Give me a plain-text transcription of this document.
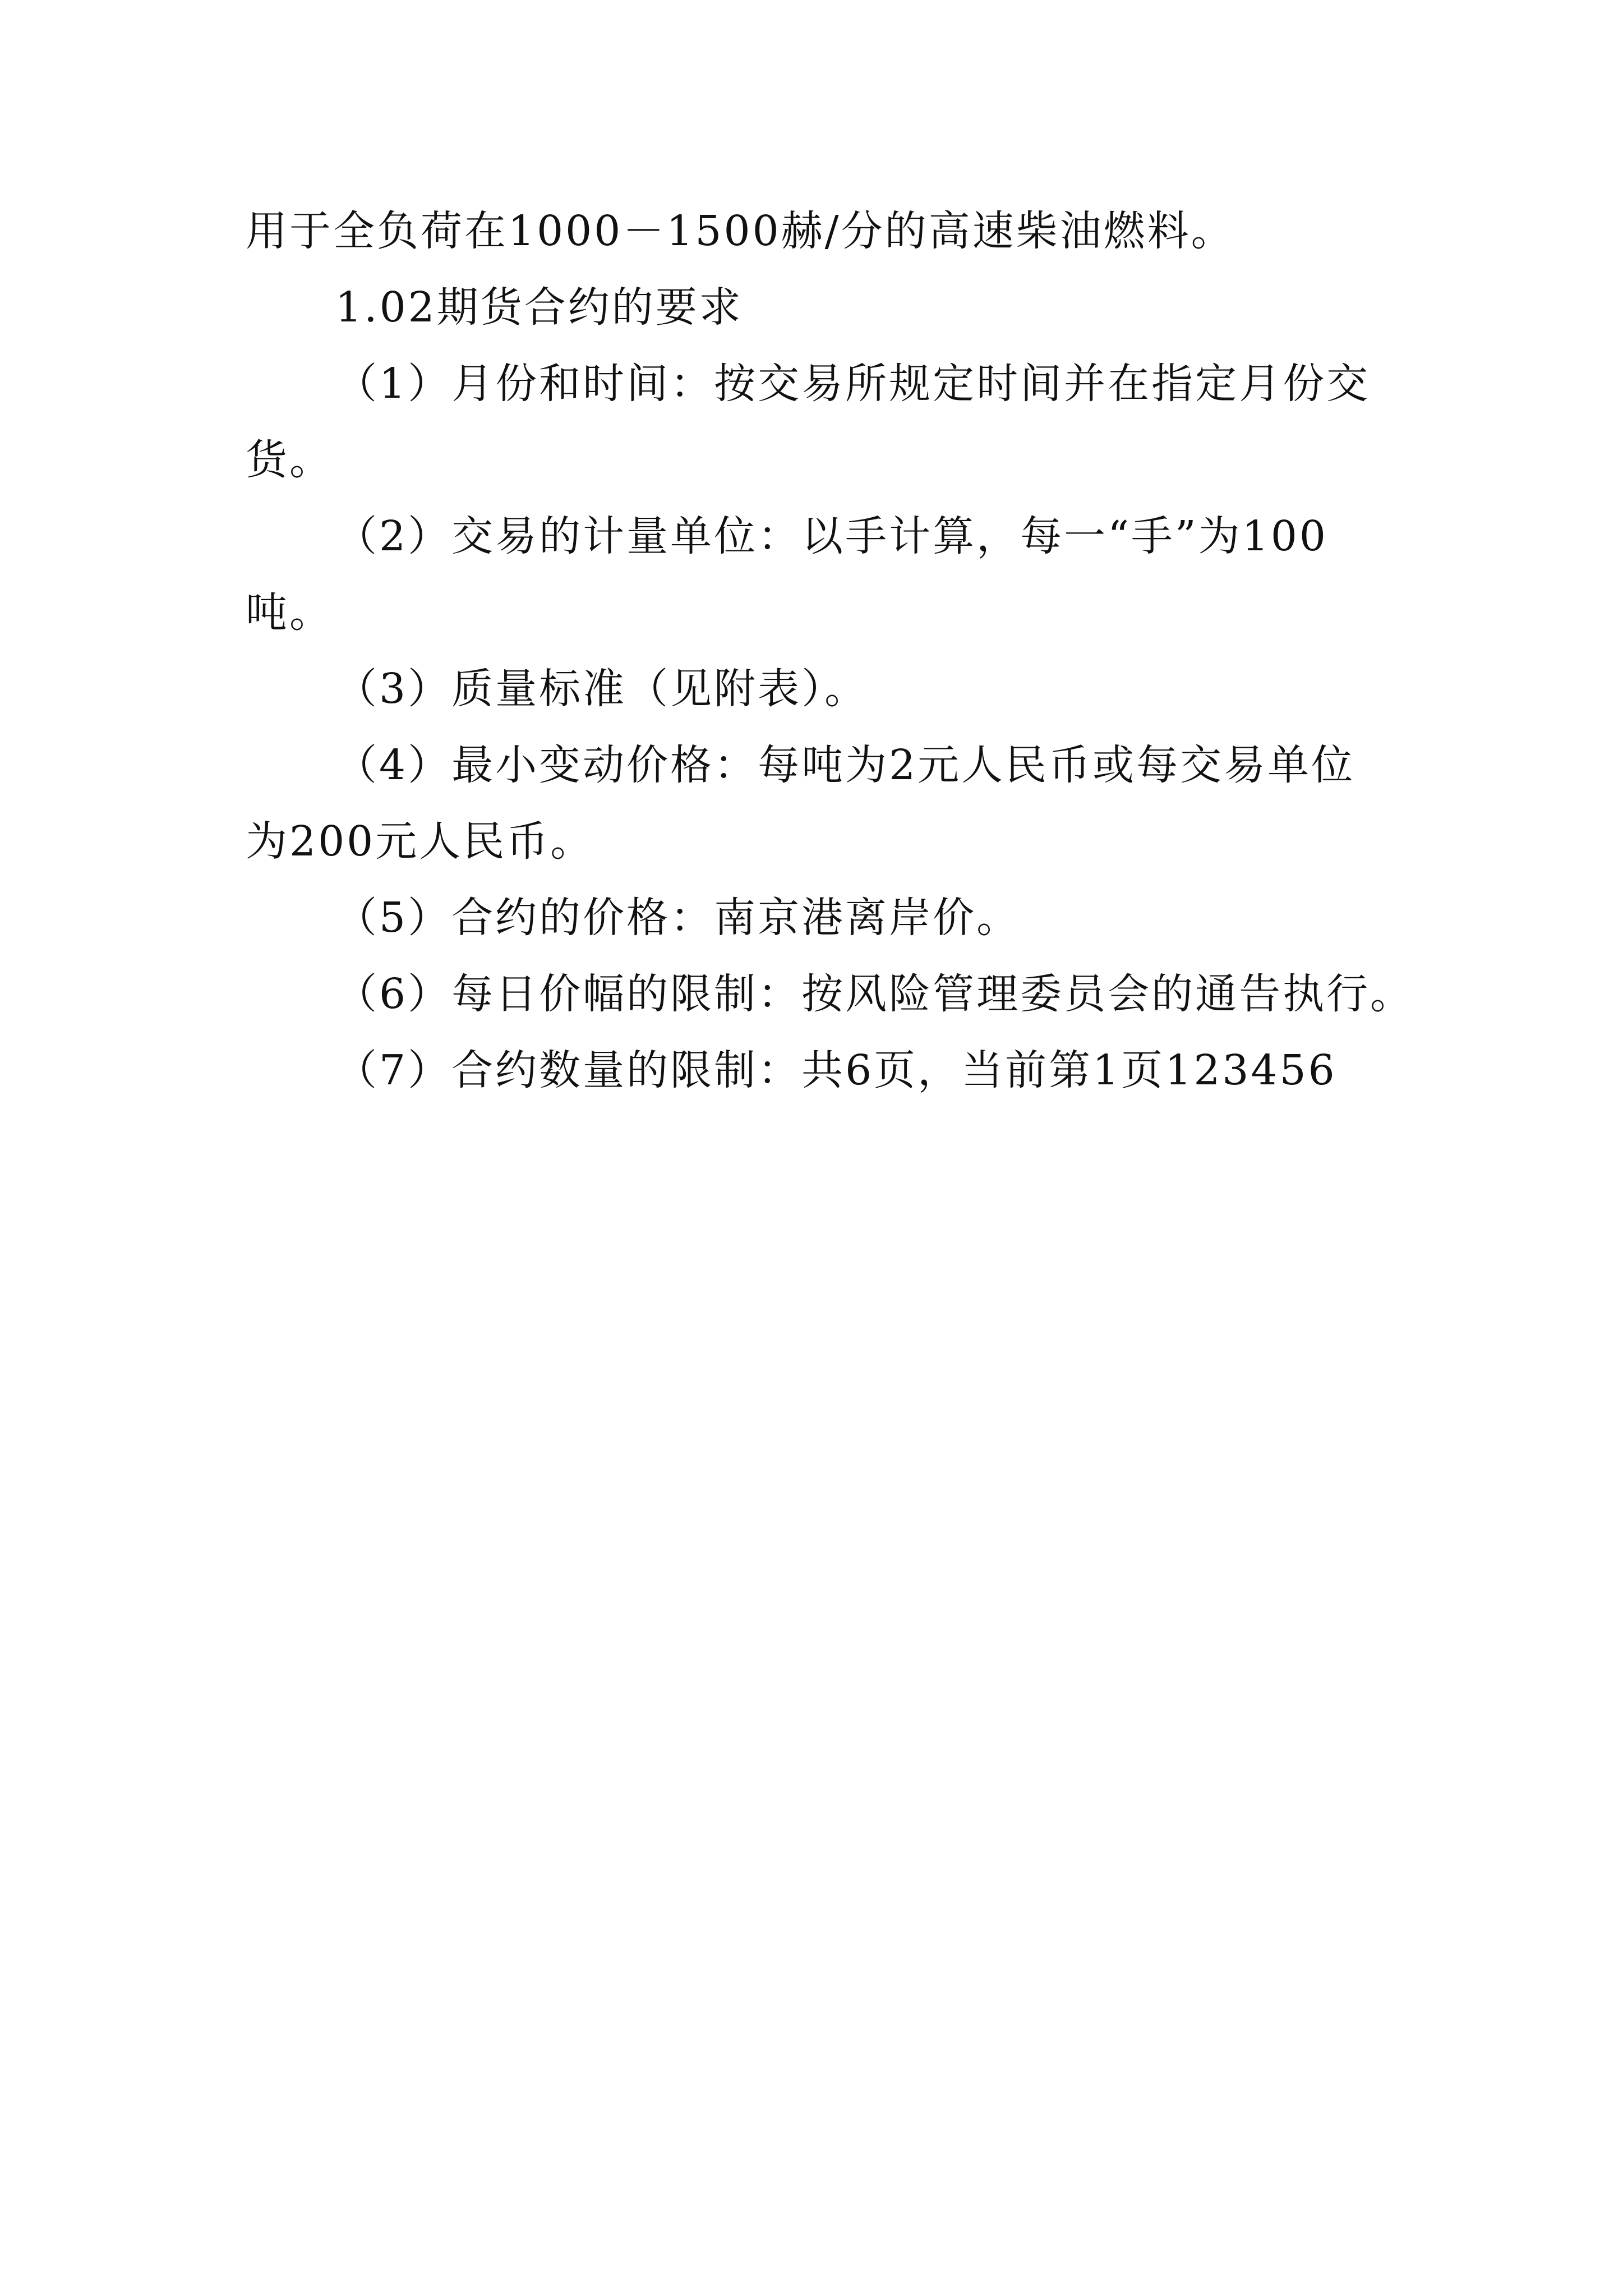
用于全负荷在1000－1500赫/分的高速柴油燃料。
1.02期货合约的要求
（1）月份和时间：按交易所规定时间并在指定月份交
货。
（2）交易的计量单位：以手计算，每一“手”为100
吨。
（3）质量标准（见附表）。
（4）最小变动价格：每吨为2元人民币或每交易单位
为200元人民币。
（5）合约的价格：南京港离岸价。
（6）每日价幅的限制：按风险管理委员会的通告执行。
（7）合约数量的限制：共6页，当前第1页123456
